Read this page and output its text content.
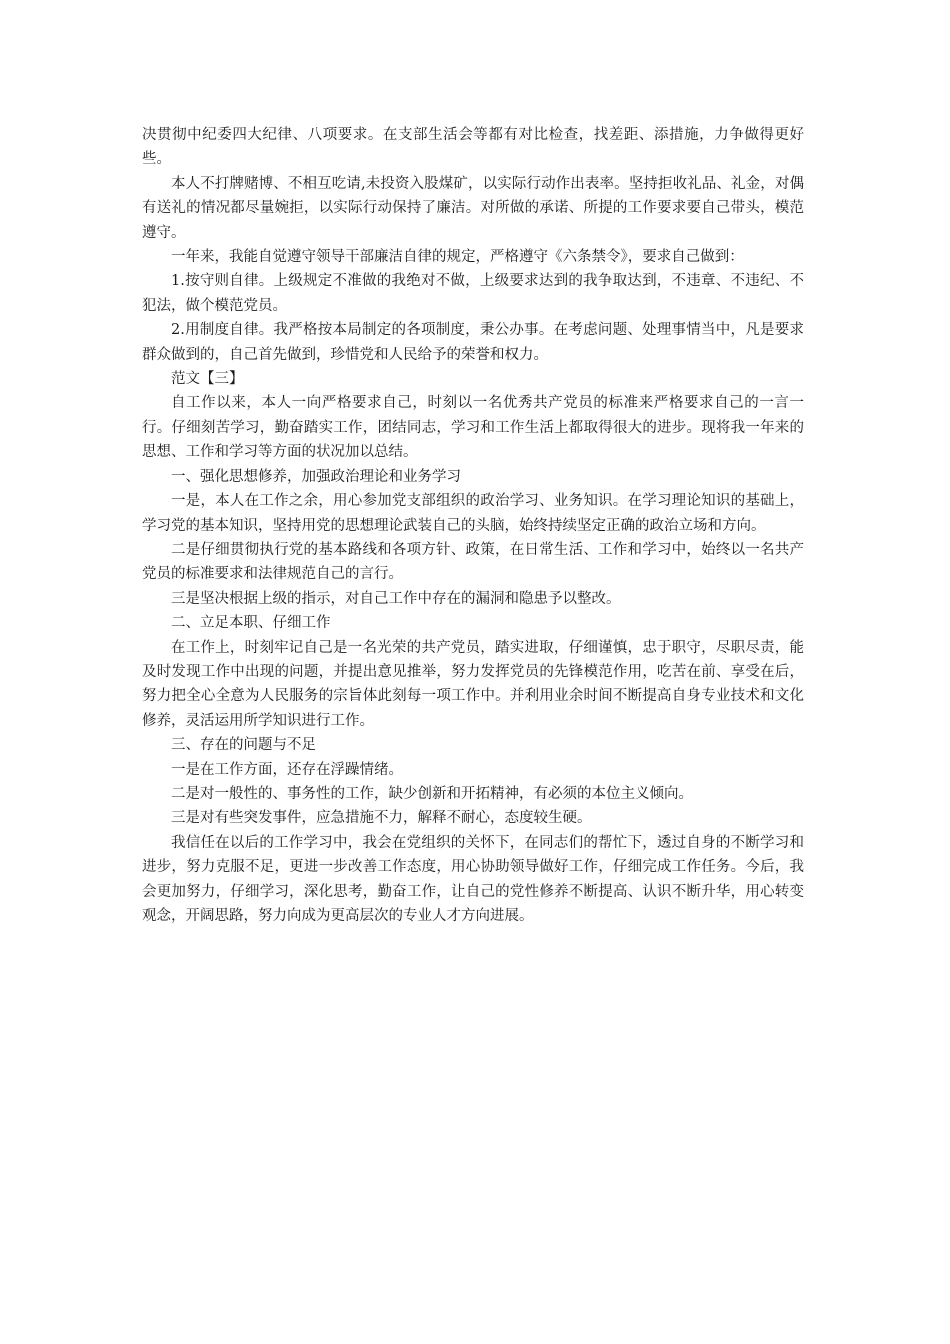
决贯彻中纪委四大纪律、八项要求。在支部生活会等都有对比检查，找差距、添措施，力争做得更好些。

本人不打牌赌博、不相互吃请,未投资入股煤矿，以实际行动作出表率。坚持拒收礼品、礼金，对偶有送礼的情况都尽量婉拒，以实际行动保持了廉洁。对所做的承诺、所提的工作要求要自己带头，模范遵守。

一年来，我能自觉遵守领导干部廉洁自律的规定，严格遵守《六条禁令》，要求自己做到：

1.按守则自律。上级规定不准做的我绝对不做，上级要求达到的我争取达到，不违章、不违纪、不犯法，做个模范党员。

2.用制度自律。我严格按本局制定的各项制度，秉公办事。在考虑问题、处理事情当中，凡是要求群众做到的，自己首先做到，珍惜党和人民给予的荣誉和权力。

范文【三】

自工作以来，本人一向严格要求自己，时刻以一名优秀共产党员的标准来严格要求自己的一言一行。仔细刻苦学习，勤奋踏实工作，团结同志，学习和工作生活上都取得很大的进步。现将我一年来的思想、工作和学习等方面的状况加以总结。

一、强化思想修养，加强政治理论和业务学习

一是，本人在工作之余，用心参加党支部组织的政治学习、业务知识。在学习理论知识的基础上，学习党的基本知识，坚持用党的思想理论武装自己的头脑，始终持续坚定正确的政治立场和方向。

二是仔细贯彻执行党的基本路线和各项方针、政策，在日常生活、工作和学习中，始终以一名共产党员的标准要求和法律规范自己的言行。

三是坚决根据上级的指示，对自己工作中存在的漏洞和隐患予以整改。

二、立足本职、仔细工作

在工作上，时刻牢记自己是一名光荣的共产党员，踏实进取，仔细谨慎，忠于职守，尽职尽责，能及时发现工作中出现的问题，并提出意见推举，努力发挥党员的先锋模范作用，吃苦在前、享受在后，努力把全心全意为人民服务的宗旨体此刻每一项工作中。并利用业余时间不断提高自身专业技术和文化修养，灵活运用所学知识进行工作。

三、存在的问题与不足

一是在工作方面，还存在浮躁情绪。

二是对一般性的、事务性的工作，缺少创新和开拓精神，有必须的本位主义倾向。

三是对有些突发事件，应急措施不力，解释不耐心，态度较生硬。

我信任在以后的工作学习中，我会在党组织的关怀下，在同志们的帮忙下，透过自身的不断学习和进步，努力克服不足，更进一步改善工作态度，用心协助领导做好工作，仔细完成工作任务。今后，我会更加努力，仔细学习，深化思考，勤奋工作，让自己的党性修养不断提高、认识不断升华，用心转变观念，开阔思路，努力向成为更高层次的专业人才方向进展。
